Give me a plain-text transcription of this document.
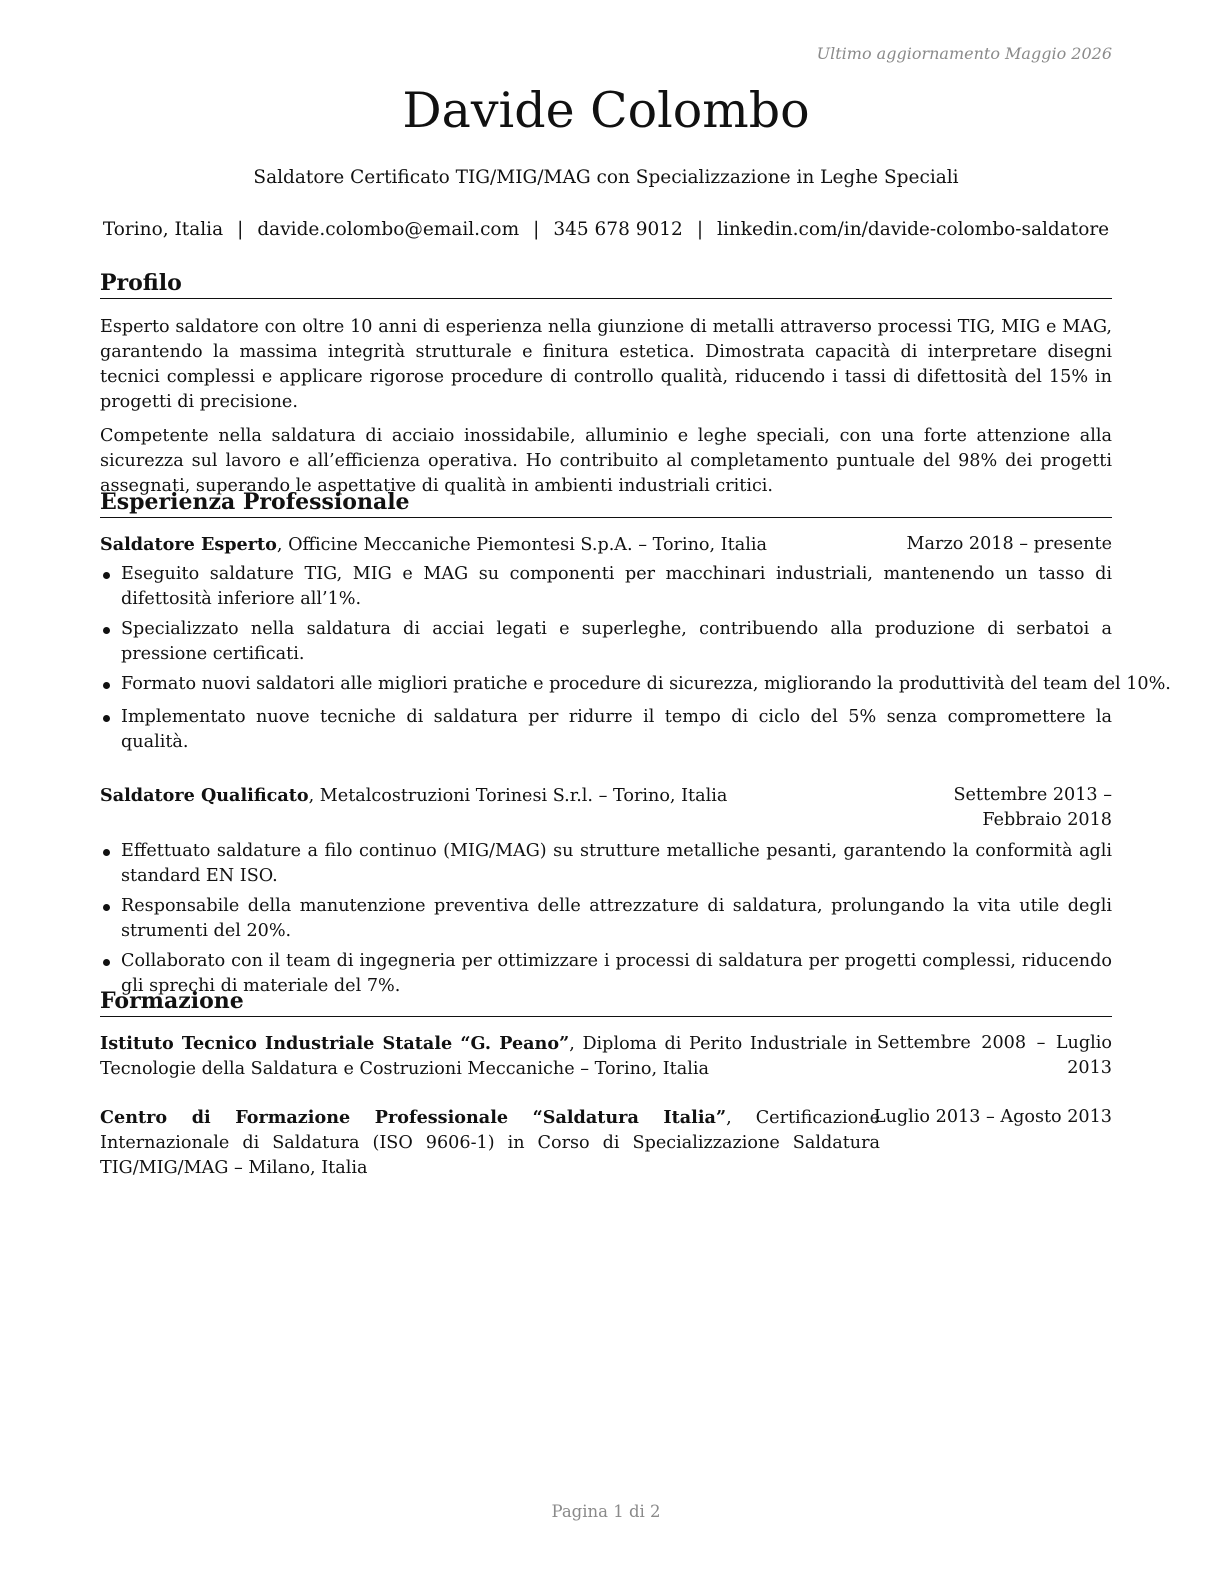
Ultimo aggiornamento Maggio 2026
Davide Colombo
Saldatore Certificato TIG/MIG/MAG con Specializzazione in Leghe Speciali
Torino, Italia | davide.colombo@email.com | 345 678 9012 | linkedin.com/in/davide-colombo-saldatore
Profilo

Esperto saldatore con oltre 10 anni di esperienza nella giunzione di metalli attraverso processi TIG, MIG e MAG, garantendo la massima integrità strutturale e finitura estetica. Dimostrata capacità di interpretare disegni tecnici complessi e applicare rigorose procedure di controllo qualità, riducendo i tassi di difettosità del 15% in progetti di precisione.

Competente nella saldatura di acciaio inossidabile, alluminio e leghe speciali, con una forte attenzione alla sicurezza sul lavoro e all’efficienza operativa. Ho contribuito al completamento puntuale del 98% dei progetti assegnati, superando le aspettative di qualità in ambienti industriali critici.

Esperienza Professionale
Saldatore Esperto, Officine Meccaniche Piemontesi S.p.A. – Torino, Italia	Marzo 2018 – presente
Eseguito saldature TIG, MIG e MAG su componenti per macchinari industriali, mantenendo un tasso di difettosità inferiore all’1%.
Specializzato nella saldatura di acciai legati e superleghe, contribuendo alla produzione di serbatoi a pressione certificati.
Formato nuovi saldatori alle migliori pratiche e procedure di sicurezza, migliorando la produttività del team del 10%.
Implementato nuove tecniche di saldatura per ridurre il tempo di ciclo del 5% senza compromettere la qualità.
Saldatore Qualificato, Metalcostruzioni Torinesi S.r.l. – Torino, Italia	Settembre 2013 – Febbraio 2018
Effettuato saldature a filo continuo (MIG/MAG) su strutture metalliche pesanti, garantendo la conformità agli standard EN ISO.
Responsabile della manutenzione preventiva delle attrezzature di saldatura, prolungando la vita utile degli strumenti del 20%.
Collaborato con il team di ingegneria per ottimizzare i processi di saldatura per progetti complessi, riducendo gli sprechi di materiale del 7%.
Formazione
Istituto Tecnico Industriale Statale “G. Peano”, Diploma di Perito Industriale in Tecnologie della Saldatura e Costruzioni Meccaniche – Torino, Italia
Settembre 2008 – Luglio 2013
Centro di Formazione Professionale “Saldatura Italia”, Certificazione Internazionale di Saldatura (ISO 9606-1) in Corso di Specializzazione Saldatura TIG/MIG/MAG – Milano, Italia
Luglio 2013 – Agosto 2013
Pagina 1 di 2
